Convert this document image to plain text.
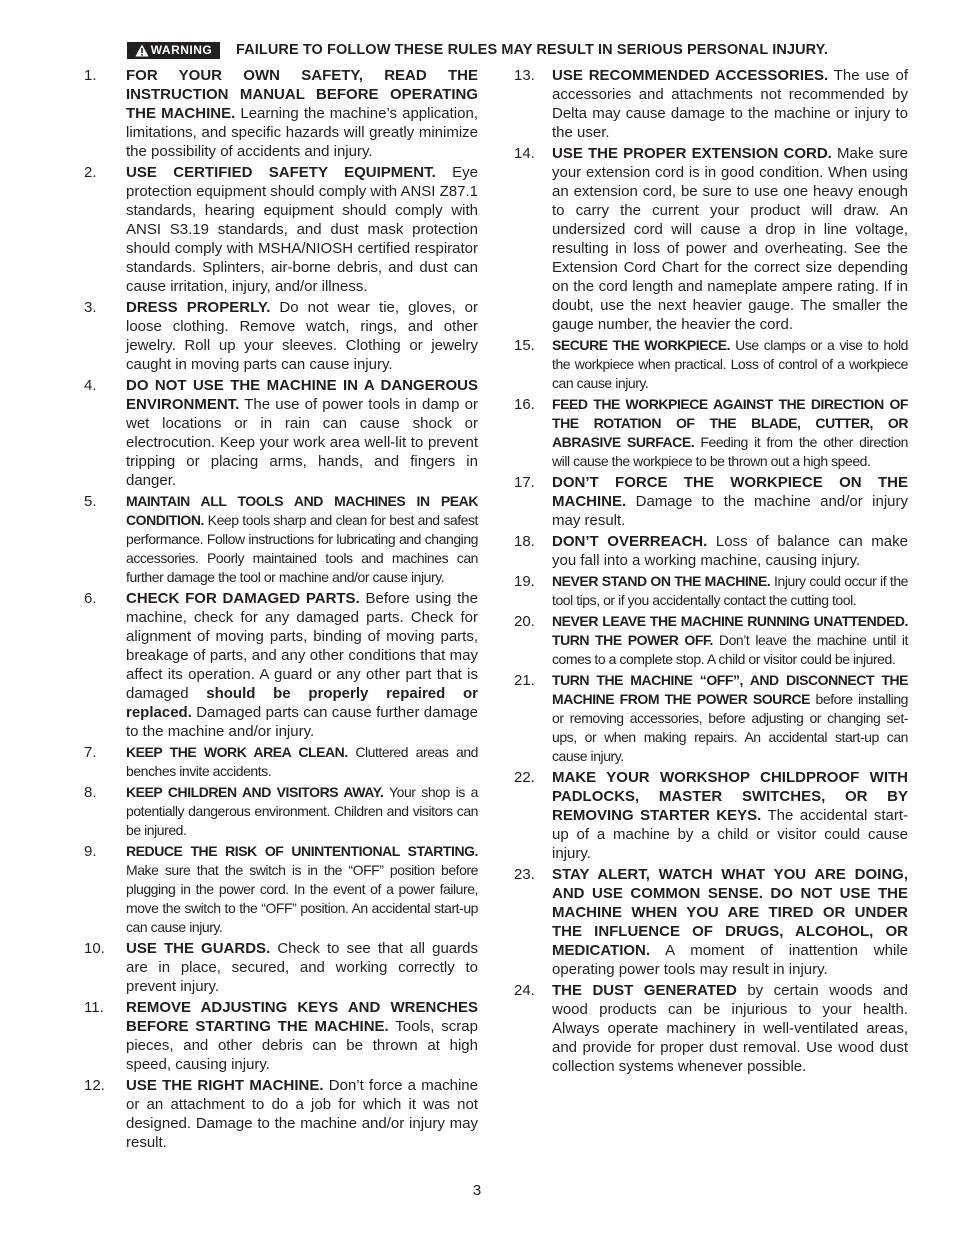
WARNING FAILURE TO FOLLOW THESE RULES MAY RESULT IN SERIOUS PERSONAL INJURY.
1.	FOR YOUR OWN SAFETY, READ THE INSTRUCTION MANUAL BEFORE OPERATING THE MACHINE. Learning the machine’s application, limitations, and specific hazards will greatly minimize the possibility of accidents and injury.
2.	USE CERTIFIED SAFETY EQUIPMENT. Eye protection equipment should comply with ANSI Z87.1 standards, hearing equipment should comply with ANSI S3.19 standards, and dust mask protection should comply with MSHA/NIOSH certified respirator standards. Splinters, air-borne debris, and dust can cause irritation, injury, and/or illness.
3.	DRESS PROPERLY. Do not wear tie, gloves, or loose clothing. Remove watch, rings, and other jewelry. Roll up your sleeves. Clothing or jewelry caught in moving parts can cause injury.
4.	DO NOT USE THE MACHINE IN A DANGEROUS ENVIRONMENT. The use of power tools in damp or wet locations or in rain can cause shock or electrocution. Keep your work area well-lit to prevent tripping or placing arms, hands, and fingers in danger.
5.	MAINTAIN ALL TOOLS AND MACHINES IN PEAK CONDITION. Keep tools sharp and clean for best and safest performance. Follow instructions for lubricating and changing accessories. Poorly maintained tools and machines can further damage the tool or machine and/or cause injury.
6.	CHECK FOR DAMAGED PARTS. Before using the machine, check for any damaged parts. Check for alignment of moving parts, binding of moving parts, breakage of parts, and any other conditions that may affect its operation. A guard or any other part that is damaged should be properly repaired or replaced. Damaged parts can cause further damage to the machine and/or injury.
7.	KEEP THE WORK AREA CLEAN. Cluttered areas and benches invite accidents.
8.	KEEP CHILDREN AND VISITORS AWAY. Your shop is a potentially dangerous environment. Children and visitors can be injured.
9.	REDUCE THE RISK OF UNINTENTIONAL STARTING. Make sure that the switch is in the “OFF” position before plugging in the power cord. In the event of a power failure, move the switch to the “OFF” position. An accidental start-up can cause injury.
10.	USE THE GUARDS. Check to see that all guards are in place, secured, and working correctly to prevent injury.
11.	REMOVE ADJUSTING KEYS AND WRENCHES BEFORE STARTING THE MACHINE. Tools, scrap pieces, and other debris can be thrown at high speed, causing injury.
12.	USE THE RIGHT MACHINE. Don’t force a machine or an attachment to do a job for which it was not designed. Damage to the machine and/or injury may result.
13.	USE RECOMMENDED ACCESSORIES. The use of accessories and attachments not recommended by Delta may cause damage to the machine or injury to the user.
14.	USE THE PROPER EXTENSION CORD. Make sure your extension cord is in good condition. When using an extension cord, be sure to use one heavy enough to carry the current your product will draw. An undersized cord will cause a drop in line voltage, resulting in loss of power and overheating. See the Extension Cord Chart for the correct size depending on the cord length and nameplate ampere rating. If in doubt, use the next heavier gauge. The smaller the gauge number, the heavier the cord.
15.	SECURE THE WORKPIECE. Use clamps or a vise to hold the workpiece when practical. Loss of control of a workpiece can cause injury.
16.	FEED THE WORKPIECE AGAINST THE DIRECTION OF THE ROTATION OF THE BLADE, CUTTER, OR ABRASIVE SURFACE. Feeding it from the other direction will cause the workpiece to be thrown out a high speed.
17.	DON’T FORCE THE WORKPIECE ON THE MACHINE. Damage to the machine and/or injury may result.
18.	DON’T OVERREACH. Loss of balance can make you fall into a working machine, causing injury.
19.	NEVER STAND ON THE MACHINE. Injury could occur if the tool tips, or if you accidentally contact the cutting tool.
20.	NEVER LEAVE THE MACHINE RUNNING UNATTENDED. TURN THE POWER OFF. Don’t leave the machine until it comes to a complete stop. A child or visitor could be injured.
21.	TURN THE MACHINE “OFF”, AND DISCONNECT THE MACHINE FROM THE POWER SOURCE before installing or removing accessories, before adjusting or changing set-ups, or when making repairs. An accidental start-up can cause injury.
22.	MAKE YOUR WORKSHOP CHILDPROOF WITH PADLOCKS, MASTER SWITCHES, OR BY REMOVING STARTER KEYS. The accidental start-up of a machine by a child or visitor could cause injury.
23.	STAY ALERT, WATCH WHAT YOU ARE DOING, AND USE COMMON SENSE. DO NOT USE THE MACHINE WHEN YOU ARE TIRED OR UNDER THE INFLUENCE OF DRUGS, ALCOHOL, OR MEDICATION. A moment of inattention while operating power tools may result in injury.
24.	THE DUST GENERATED by certain woods and wood products can be injurious to your health. Always operate machinery in well-ventilated areas, and provide for proper dust removal. Use wood dust collection systems whenever possible.
3
